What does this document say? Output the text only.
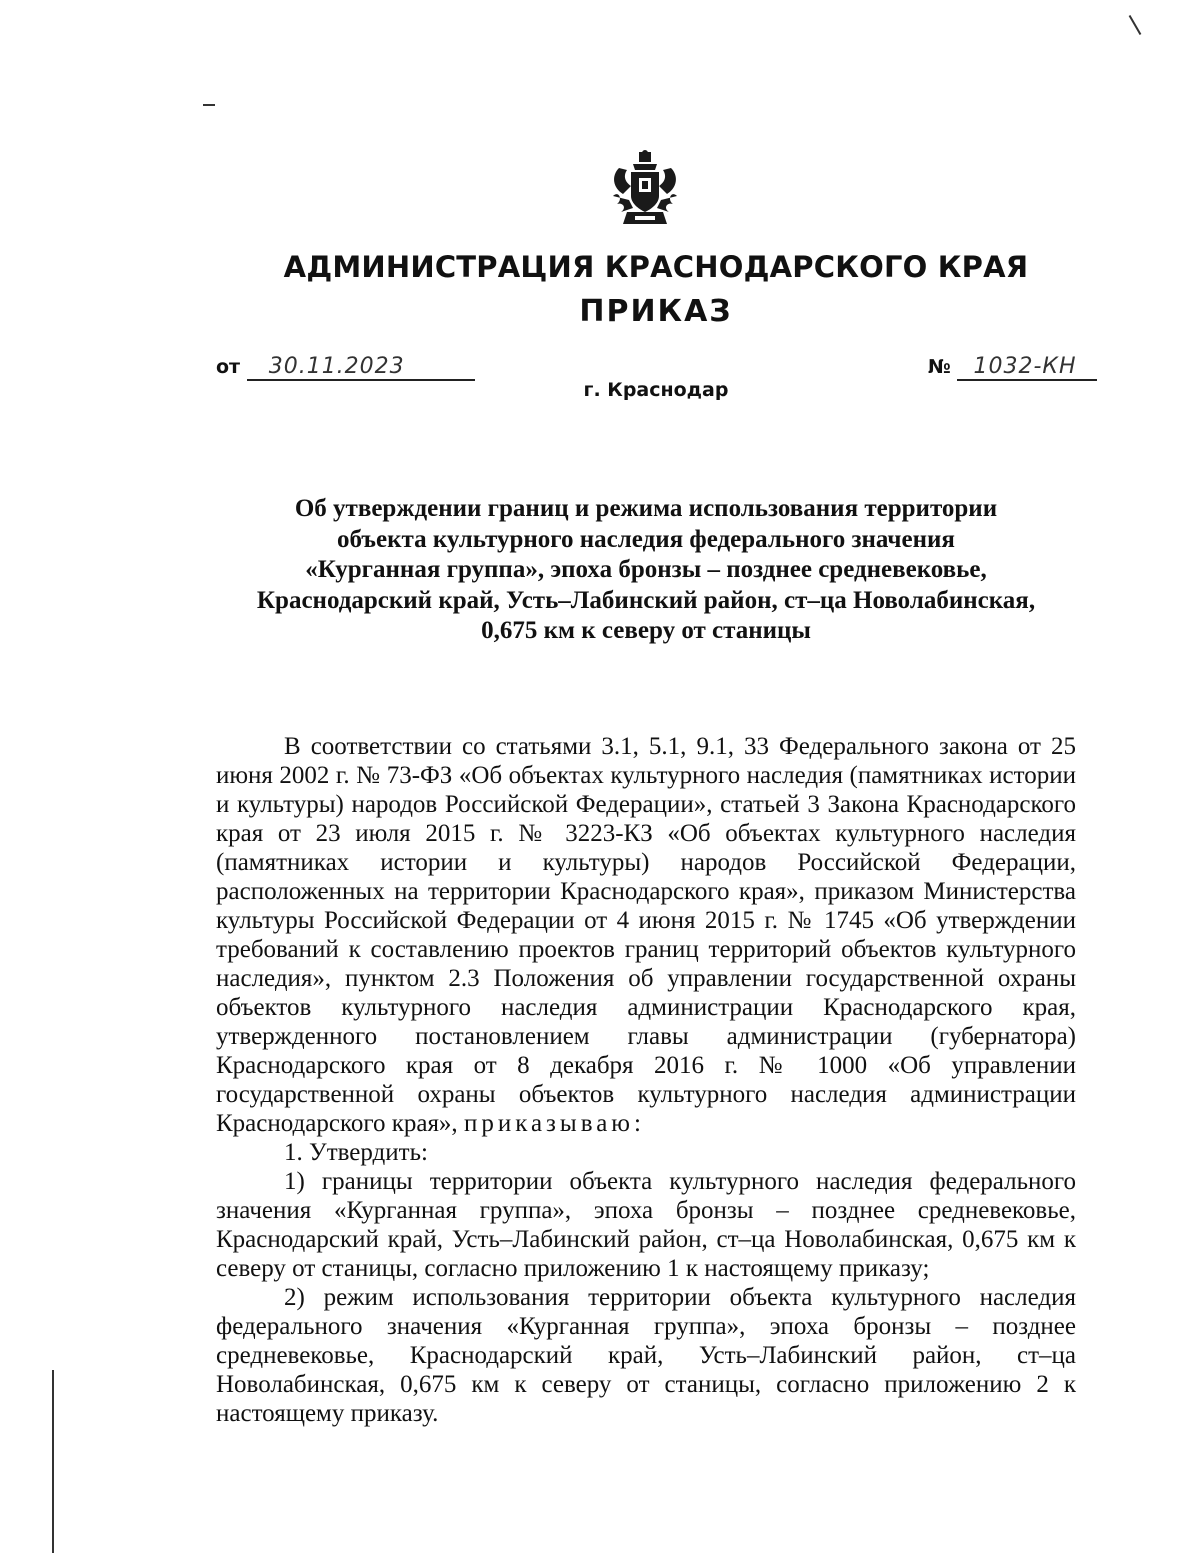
АДМИНИСТРАЦИЯ КРАСНОДАРСКОГО КРАЯ
ПРИКАЗ
от 30.11.2023	№ 1032-КН
г. Краснодар
Об утверждении границ и режима использования территории
объекта культурного наследия федерального значения
«Курганная группа», эпоха бронзы – позднее средневековье,
Краснодарский край, Усть–Лабинский район, ст–ца Новолабинская,
0,675 км к северу от станицы

В соответствии со статьями 3.1, 5.1, 9.1, 33 Федерального закона от 25 июня 2002 г. № 73-ФЗ «Об объектах культурного наследия (памятниках истории и культуры) народов Российской Федерации», статьей 3 Закона Краснодарского края от 23 июля 2015 г. № 3223-КЗ «Об объектах культурного наследия (памятниках истории и культуры) народов Российской Федерации, расположенных на территории Краснодарского края», приказом Министерства культуры Российской Федерации от 4 июня 2015 г. № 1745 «Об утверждении требований к составлению проектов границ территорий объектов культурного наследия», пунктом 2.3 Положения об управлении государственной охраны объектов культурного наследия администрации Краснодарского края, утвержденного постановлением главы администрации (губернатора) Краснодарского края от 8 декабря 2016 г. № 1000 «Об управлении государственной охраны объектов культурного наследия администрации Краснодарского края», приказываю:

1. Утвердить:

1) границы территории объекта культурного наследия федерального значения «Курганная группа», эпоха бронзы – позднее средневековье, Краснодарский край, Усть–Лабинский район, ст–ца Новолабинская, 0,675 км к северу от станицы, согласно приложению 1 к настоящему приказу;

2) режим использования территории объекта культурного наследия федерального значения «Курганная группа», эпоха бронзы – позднее средневековье, Краснодарский край, Усть–Лабинский район, ст–ца Новолабинская, 0,675 км к северу от станицы, согласно приложению 2 к настоящему приказу.
